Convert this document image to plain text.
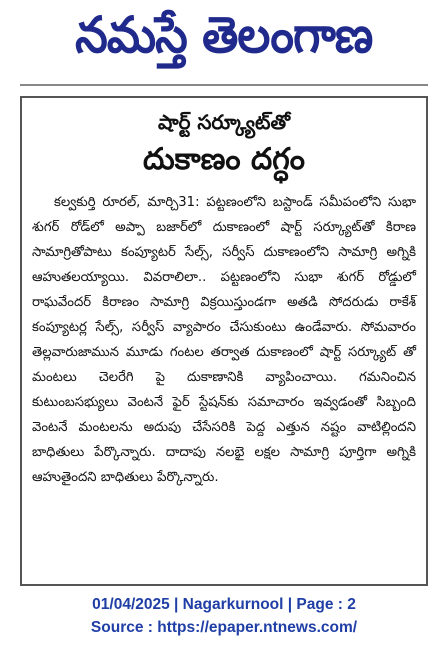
నమస్తే తెలంగాణ
షార్ట్ సర్క్యూట్‌తో
దుకాణం దగ్ధం

కల్వకుర్తి రూరల్, మార్చి31: పట్టణంలోని బస్టాండ్ సమీపంలోని సుభా శుగర్ రోడ్‌లో అప్పా బజార్‌లో దుకాణంలో షార్ట్ సర్క్యూట్‌తో కిరాణ సామాగ్రితోపాటు కంప్యూటర్ సేల్స్, సర్వీస్ దుకాణంలోని సామాగ్రి అగ్నికి ఆహుతలయ్యాయి. వివరాలిలా.. పట్టణంలోని సుభా శుగర్ రోడ్డులో రాఘవేందర్ కిరాణం సామాగ్రి విక్రయిస్తుండగా అతడి సోదరుడు రాకేశ్ కంప్యూటర్ల సేల్స్, సర్వీస్ వ్యాపారం చేసుకుంటు ఉండేవారు. సోమవారం తెల్లవారుజామున మూడు గంటల తర్వాత దుకాణంలో షార్ట్ సర్క్యూట్ తో మంటలు చెలరేగి పై దుకాణానికి వ్యాపించాయి. గమనించిన కుటుంబసభ్యులు వెంటనే ఫైర్ స్టేషన్‌కు సమాచారం ఇవ్వడంతో సిబ్బంది వెంటనే మంటలను అదుపు చేసేసరికి పెద్ద ఎత్తున నష్టం వాటిల్లిందని బాధితులు పేర్కొన్నారు. దాదాపు నలభై లక్షల సామాగ్రి పూర్తిగా అగ్నికి ఆహుతైందని బాధితులు పేర్కొన్నారు.

01/04/2025 | Nagarkurnool | Page : 2
Source : https://epaper.ntnews.com/
